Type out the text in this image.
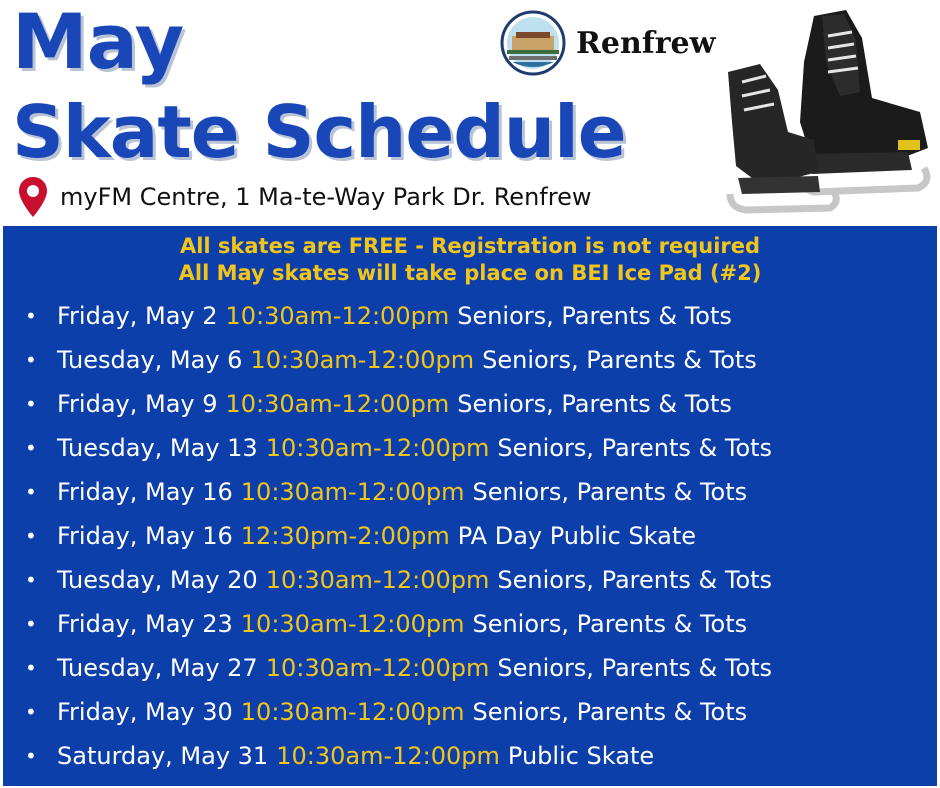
May
Skate Schedule
myFM Centre, 1 Ma-te-Way Park Dr. Renfrew
Renfrew
All skates are FREE - Registration is not required
All May skates will take place on BEI Ice Pad (#2)
• Friday, May 2 10:30am-12:00pm Seniors, Parents & Tots
• Tuesday, May 6 10:30am-12:00pm Seniors, Parents & Tots
• Friday, May 9 10:30am-12:00pm Seniors, Parents & Tots
• Tuesday, May 13 10:30am-12:00pm Seniors, Parents & Tots
• Friday, May 16 10:30am-12:00pm Seniors, Parents & Tots
• Friday, May 16 12:30pm-2:00pm PA Day Public Skate
• Tuesday, May 20 10:30am-12:00pm Seniors, Parents & Tots
• Friday, May 23 10:30am-12:00pm Seniors, Parents & Tots
• Tuesday, May 27 10:30am-12:00pm Seniors, Parents & Tots
• Friday, May 30 10:30am-12:00pm Seniors, Parents & Tots
• Saturday, May 31 10:30am-12:00pm Public Skate
